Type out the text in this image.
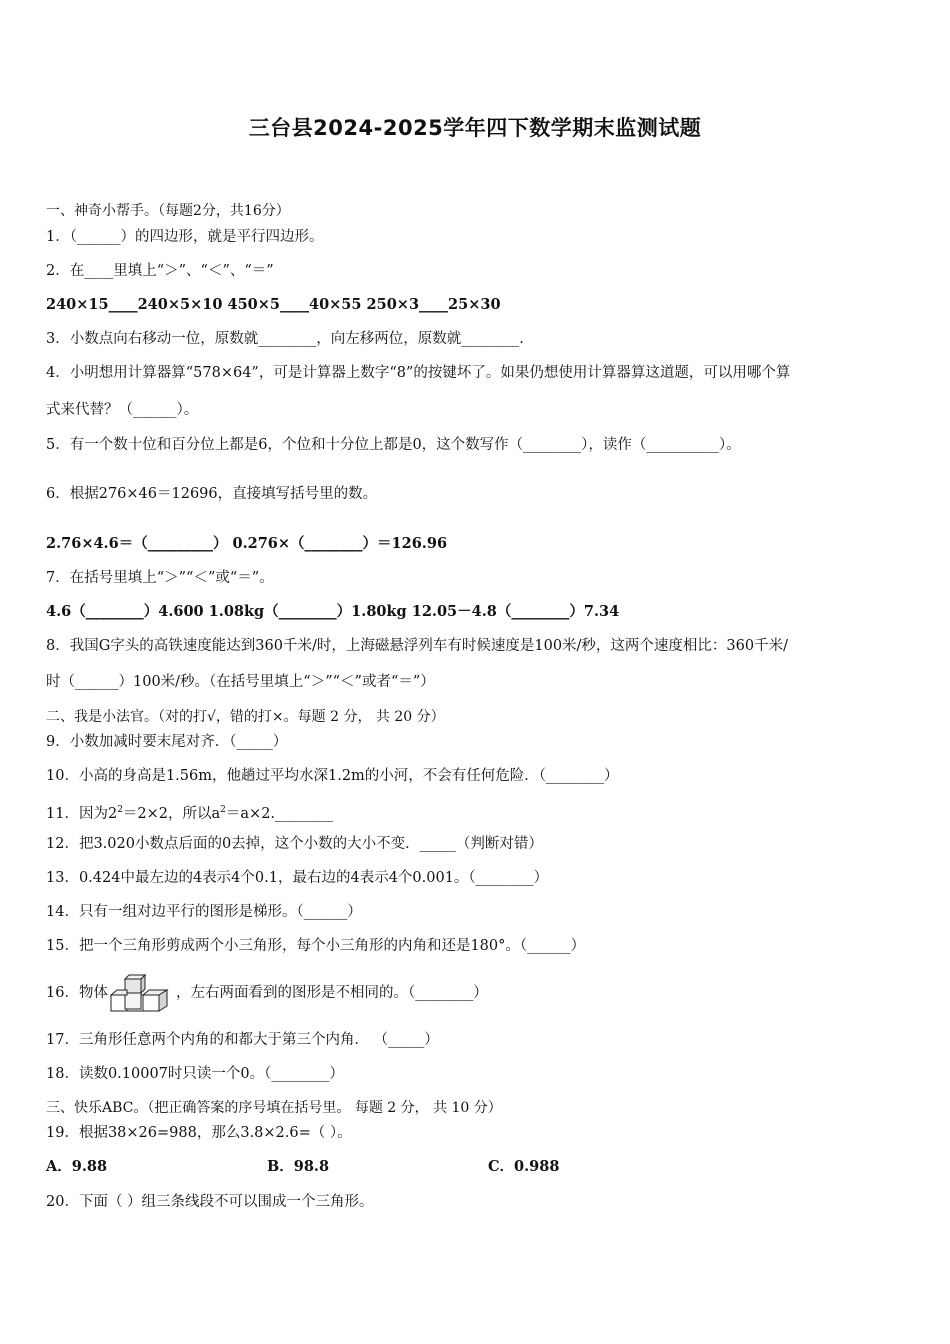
三台县2024-2025学年四下数学期末监测试题
一、神奇小帮手。（每题2分，共16分）
1．（______）的四边形，就是平行四边形。
2．在____里填上“＞”、“＜”、“＝”
240×15____240×5×10 450×5____40×55 250×3____25×30
3．小数点向右移动一位，原数就________，向左移两位，原数就________.
4．小明想用计算器算“578×64”，可是计算器上数字“8”的按键坏了。如果仍想使用计算器算这道题，可以用哪个算
式来代替？（______）。
5．有一个数十位和百分位上都是6，个位和十分位上都是0，这个数写作（________），读作（__________）。
6．根据276×46＝12696，直接填写括号里的数。
2.76×4.6＝（_________） 0.276×（________）＝126.96
7．在括号里填上“＞”“＜”或“＝”。
4.6（________）4.600 1.08kg（________）1.80kg 12.05－4.8（________）7.34
8．我国G字头的高铁速度能达到360千米/时，上海磁悬浮列车有时候速度是100米/秒，这两个速度相比：360千米/
时（______）100米/秒。（在括号里填上“＞”“＜”或者“＝”）
二、我是小法官。（对的打√，错的打×。每题 2 分， 共 20 分）
9．小数加减时要末尾对齐．（_____）
10．小高的身高是1.56m，他趟过平均水深1.2m的小河，不会有任何危险．（________）
11．因为$2^2=2\times 2$，所以$a^2=a\times 2.\_\_\_\_\_\_\_\_$
12．把3.020小数点后面的0去掉，这个小数的大小不变．_____（判断对错）
13．0.424中最左边的4表示4个0.1，最右边的4表示4个0.001。（________）
14．只有一组对边平行的图形是梯形。（______）
15．把一个三角形剪成两个小三角形，每个小三角形的内角和还是180°。（______）
16．物体	，左右两面看到的图形是不相同的。（________）
17．三角形任意两个内角的和都大于第三个内角． （_____）
18．读数0.10007时只读一个0。（________）
三、快乐ABC。（把正确答案的序号填在括号里。 每题 2 分， 共 10 分）
19．根据38×26=988，那么3.8×2.6=（ ）。
A．9.88	B．98.8	C．0.988
20．下面（ ）组三条线段不可以围成一个三角形。
